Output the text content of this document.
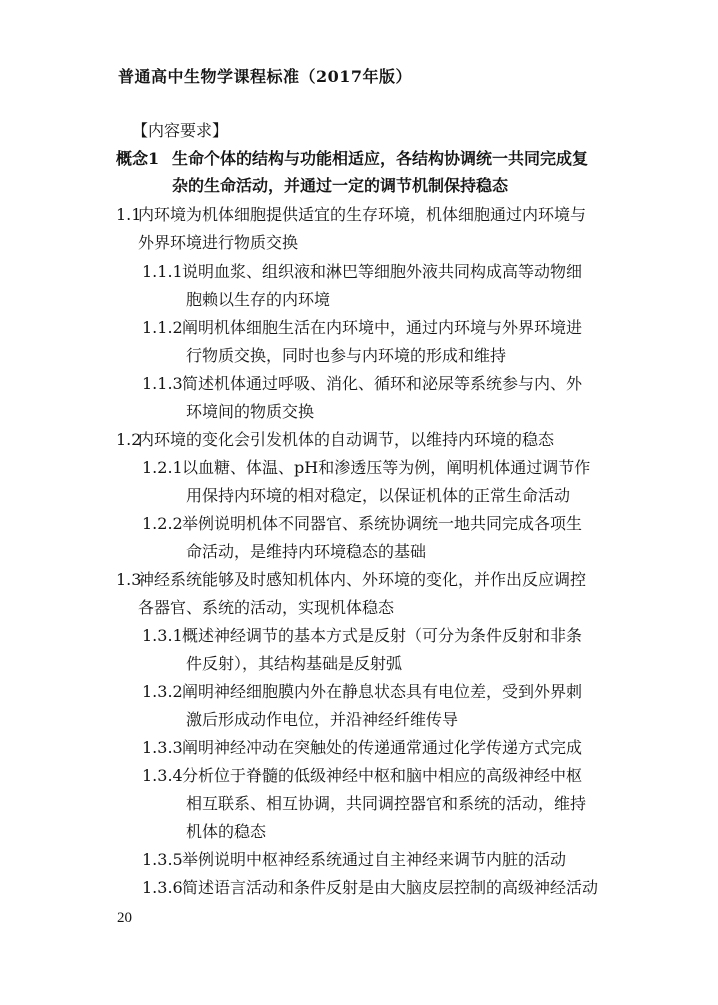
普通高中生物学课程标准（2017年版）
【内容要求】
概念1 生命个体的结构与功能相适应，各结构协调统一共同完成复
杂的生命活动，并通过一定的调节机制保持稳态
1.1内环境为机体细胞提供适宜的生存环境，机体细胞通过内环境与
外界环境进行物质交换
1.1.1说明血浆、组织液和淋巴等细胞外液共同构成高等动物细
胞赖以生存的内环境
1.1.2阐明机体细胞生活在内环境中，通过内环境与外界环境进
行物质交换，同时也参与内环境的形成和维持
1.1.3简述机体通过呼吸、消化、循环和泌尿等系统参与内、外
环境间的物质交换
1.2内环境的变化会引发机体的自动调节，以维持内环境的稳态
1.2.1以血糖、体温、pH和渗透压等为例，阐明机体通过调节作
用保持内环境的相对稳定，以保证机体的正常生命活动
1.2.2举例说明机体不同器官、系统协调统一地共同完成各项生
命活动，是维持内环境稳态的基础
1.3神经系统能够及时感知机体内、外环境的变化，并作出反应调控
各器官、系统的活动，实现机体稳态
1.3.1概述神经调节的基本方式是反射（可分为条件反射和非条
件反射），其结构基础是反射弧
1.3.2阐明神经细胞膜内外在静息状态具有电位差，受到外界刺
激后形成动作电位，并沿神经纤维传导
1.3.3阐明神经冲动在突触处的传递通常通过化学传递方式完成
1.3.4分析位于脊髓的低级神经中枢和脑中相应的高级神经中枢
相互联系、相互协调，共同调控器官和系统的活动，维持
机体的稳态
1.3.5举例说明中枢神经系统通过自主神经来调节内脏的活动
1.3.6简述语言活动和条件反射是由大脑皮层控制的高级神经活动
20
